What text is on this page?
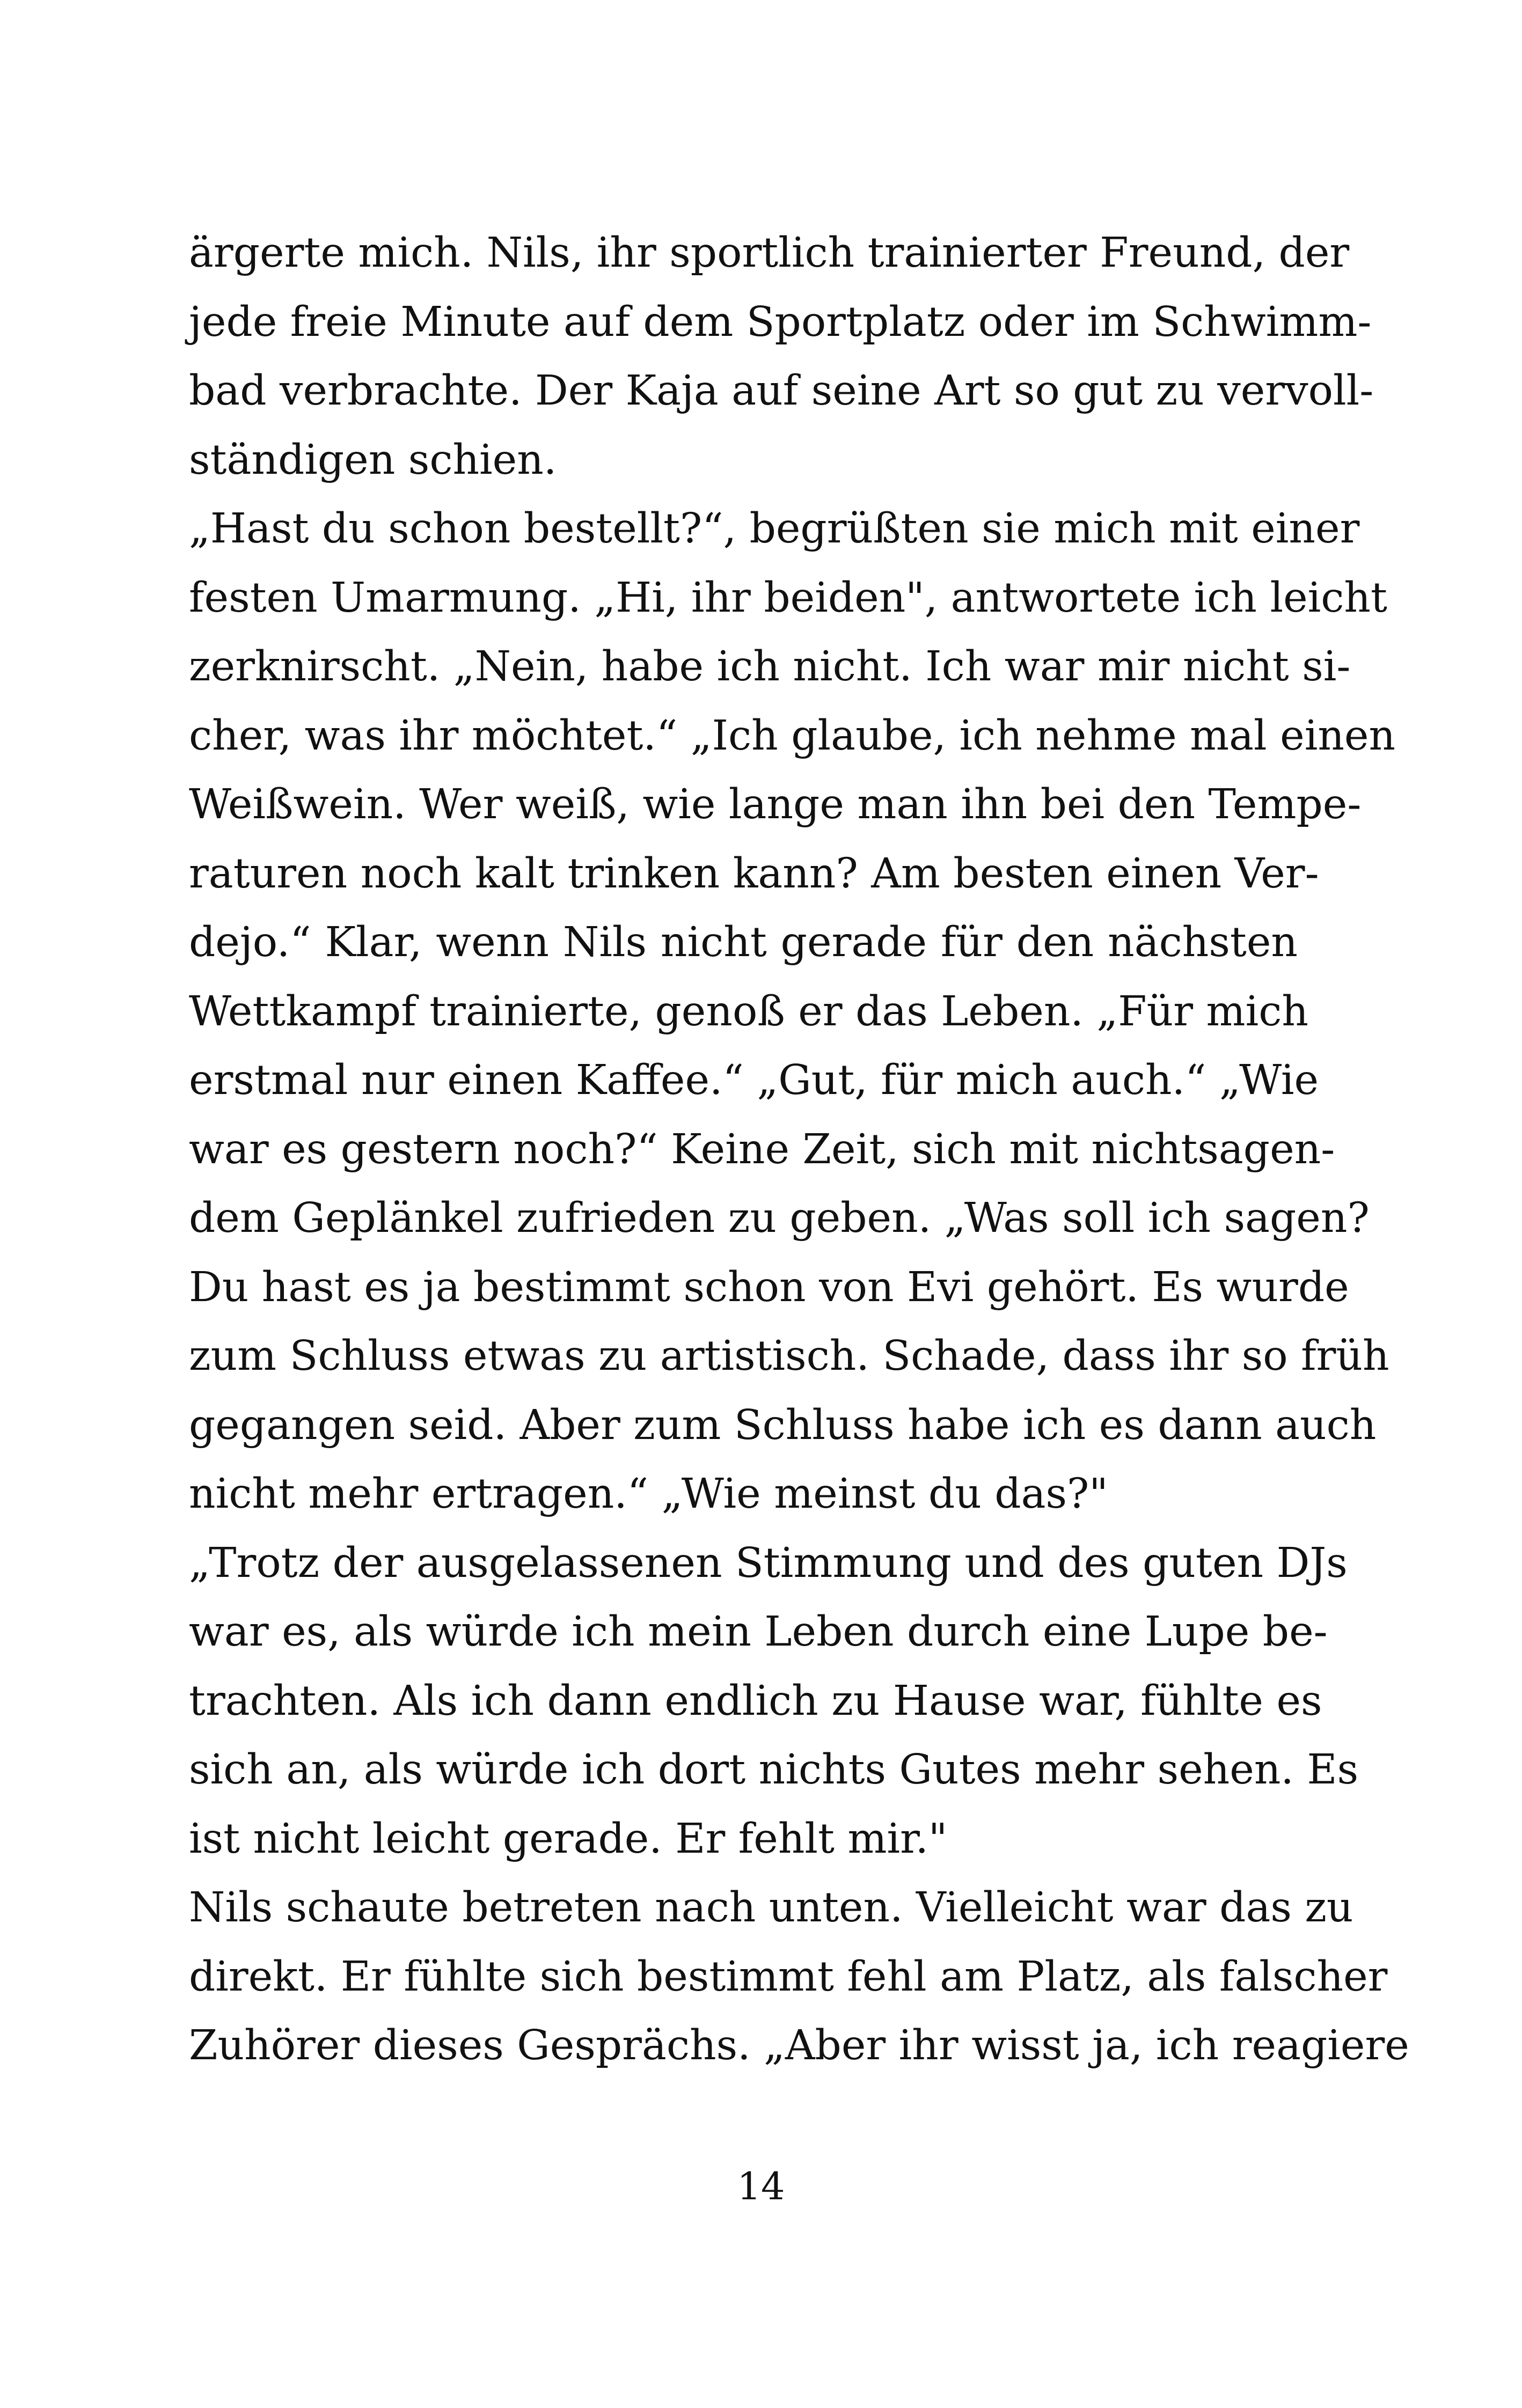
ärgerte mich. Nils, ihr sportlich trainierter Freund, der
jede freie Minute auf dem Sportplatz oder im Schwimm-
bad verbrachte. Der Kaja auf seine Art so gut zu vervoll-
ständigen schien.
„Hast du schon bestellt?“, begrüßten sie mich mit einer
festen Umarmung. „Hi, ihr beiden", antwortete ich leicht
zerknirscht. „Nein, habe ich nicht. Ich war mir nicht si-
cher, was ihr möchtet.“ „Ich glaube, ich nehme mal einen
Weißwein. Wer weiß, wie lange man ihn bei den Tempe-
raturen noch kalt trinken kann? Am besten einen Ver-
dejo.“ Klar, wenn Nils nicht gerade für den nächsten
Wettkampf trainierte, genoß er das Leben. „Für mich
erstmal nur einen Kaffee.“ „Gut, für mich auch.“ „Wie
war es gestern noch?“ Keine Zeit, sich mit nichtsagen-
dem Geplänkel zufrieden zu geben. „Was soll ich sagen?
Du hast es ja bestimmt schon von Evi gehört. Es wurde
zum Schluss etwas zu artistisch. Schade, dass ihr so früh
gegangen seid. Aber zum Schluss habe ich es dann auch
nicht mehr ertragen.“ „Wie meinst du das?"
„Trotz der ausgelassenen Stimmung und des guten DJs
war es, als würde ich mein Leben durch eine Lupe be-
trachten. Als ich dann endlich zu Hause war, fühlte es
sich an, als würde ich dort nichts Gutes mehr sehen. Es
ist nicht leicht gerade. Er fehlt mir."
Nils schaute betreten nach unten. Vielleicht war das zu
direkt. Er fühlte sich bestimmt fehl am Platz, als falscher
Zuhörer dieses Gesprächs. „Aber ihr wisst ja, ich reagiere
14
